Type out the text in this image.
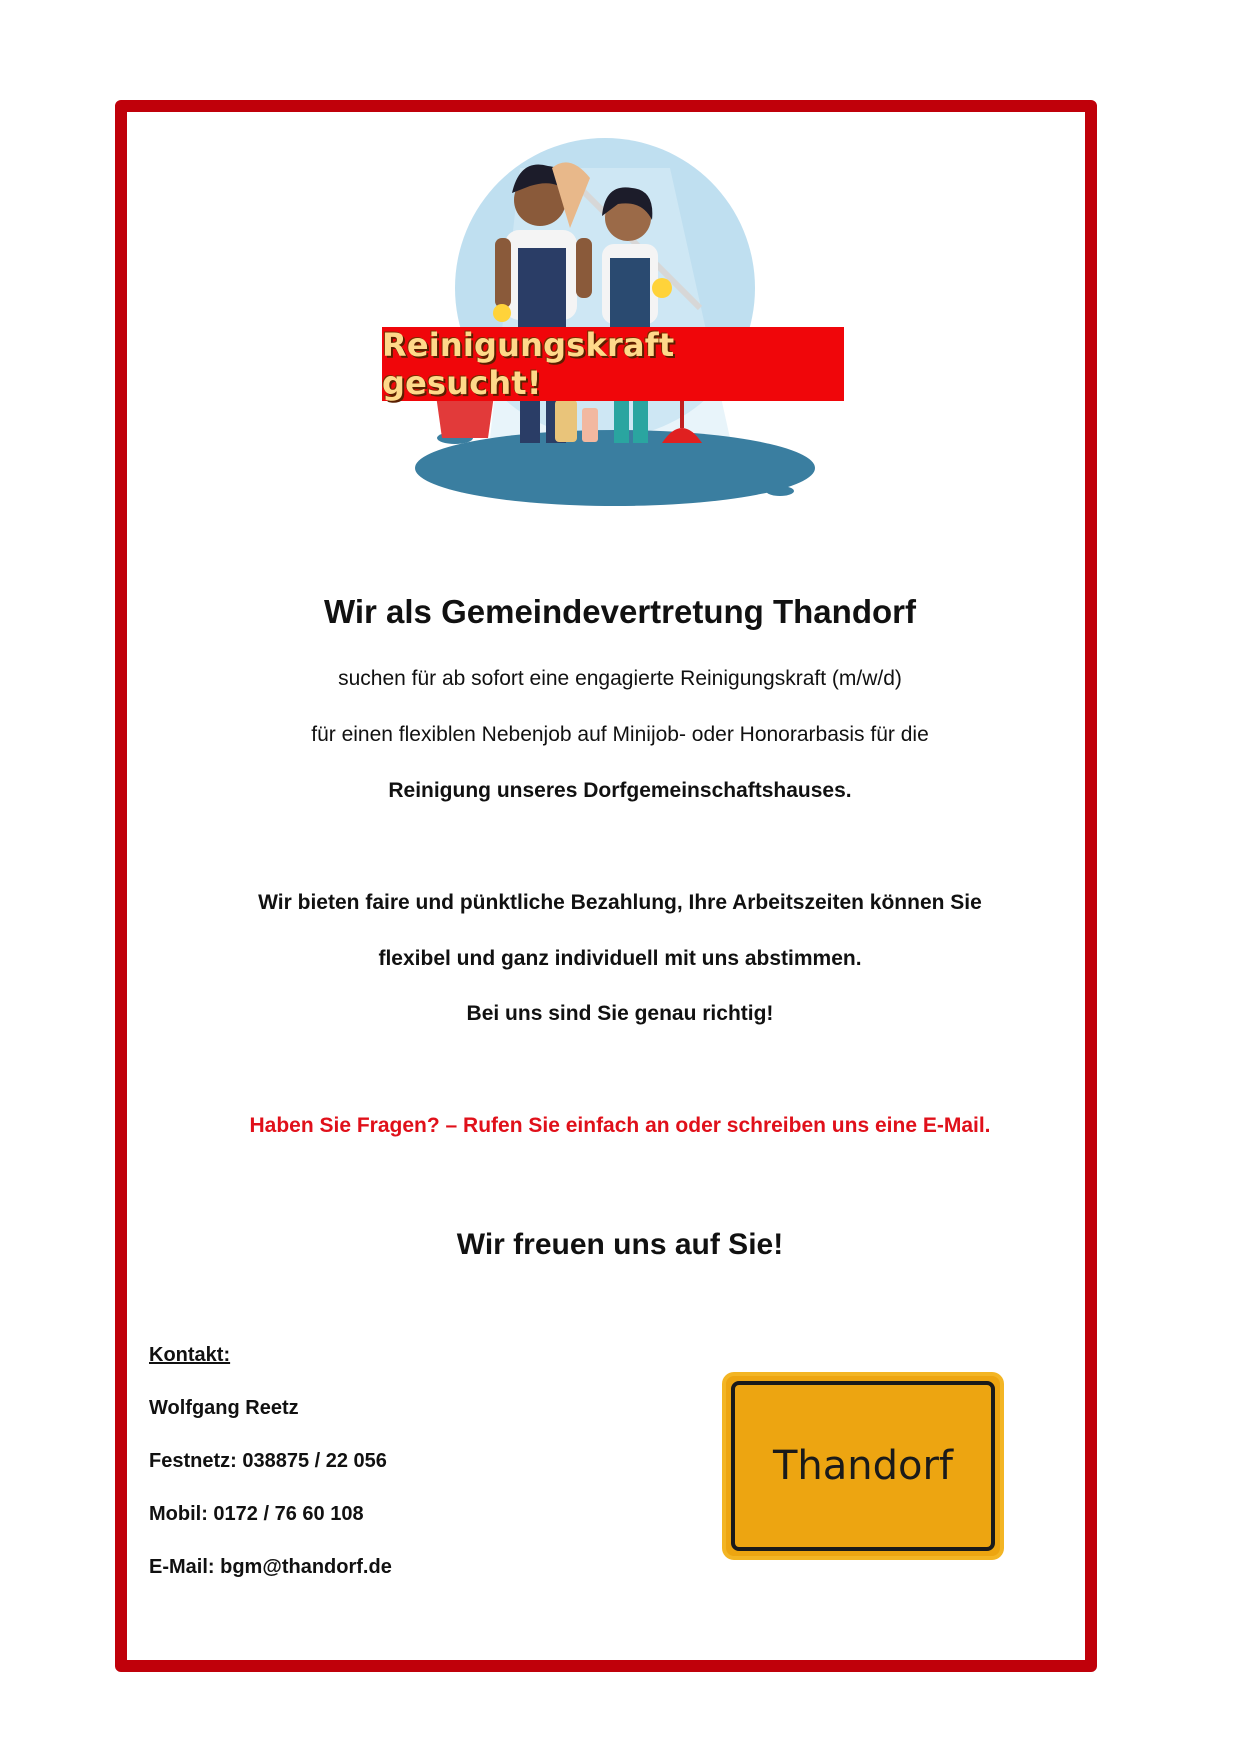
Reinigungskraft gesucht!

Wir als Gemeindevertretung Thandorf

suchen für ab sofort eine engagierte Reinigungskraft (m/w/d)

für einen flexiblen Nebenjob auf Minijob- oder Honorarbasis für die

Reinigung unseres Dorfgemeinschaftshauses.

Wir bieten faire und pünktliche Bezahlung, Ihre Arbeitszeiten können Sie

flexibel und ganz individuell mit uns abstimmen.

Bei uns sind Sie genau richtig!

Haben Sie Fragen? – Rufen Sie einfach an oder schreiben uns eine E-Mail.

Wir freuen uns auf Sie!

Kontakt:

Wolfgang Reetz

Festnetz: 038875 / 22 056

Mobil: 0172 / 76 60 108

E-Mail: bgm@thandorf.de

Thandorf
